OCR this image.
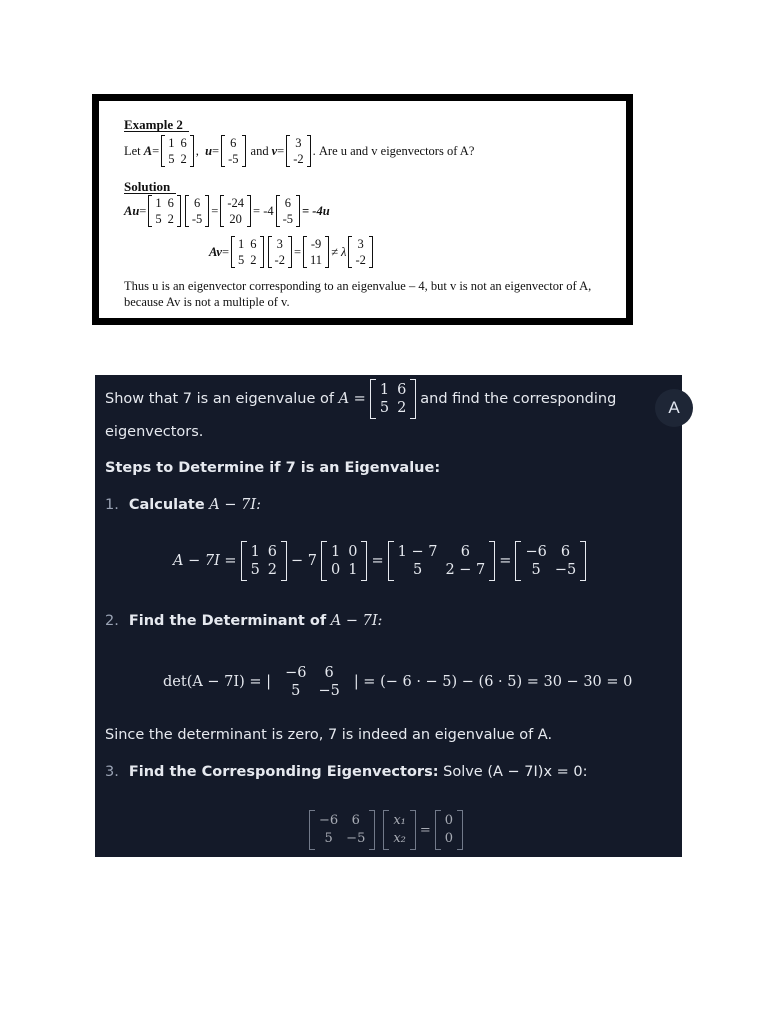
Example 2
Let
A =
1
5
6
2
, u =
6
-5
and v =
3
-2
. Are u and v eigenvectors of A?
Solution
Au =
1
5
6
2
6
-5
=
-24
20
= -4
6
-5
= -4u
Av =
1
5
6
2
3
-2
=
-9
11
≠ λ
3
-2
Thus u is an eigenvector corresponding to an eigenvalue – 4, but v is not an eigenvector of A, because Av is not a multiple of v.
Show that 7 is an eigenvalue of
A =
1
5
6
2
and find the corresponding
eigenvectors.
Steps to Determine if 7 is an Eigenvalue:
1. Calculate
A − 7I:
A − 7I =
1
5
6
2
− 7
1
0
0
1
=
1 − 7
5
6
2 − 7
=
−6
5
6
−5
2. Find the Determinant of
A − 7I:
det(A − 7I) = |
−6
5
6
−5
| = (− 6 · − 5) − (6 · 5) = 30 − 30 = 0
Since the determinant is zero, 7 is indeed an eigenvalue of A.
3. Find the Corresponding Eigenvectors:
Solve (A − 7I)x = 0:
−6
5
6
−5
x₁
x₂
=
0
0
A
